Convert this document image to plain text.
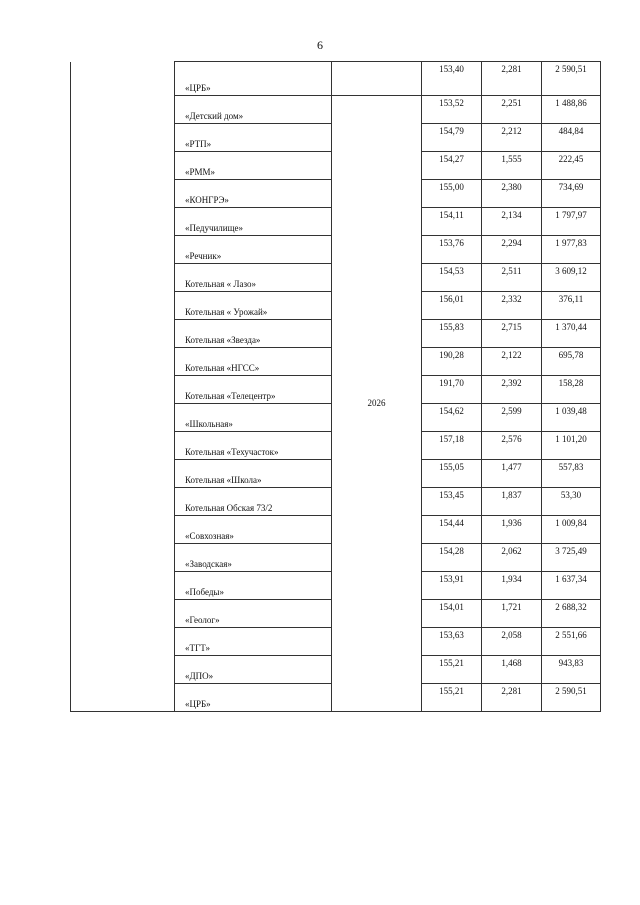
6
	«ЦРБ»		153,40	2,281	2 590,51
	«Детский дом»	2026	153,52	2,251	1 488,86
	«РТП»		154,79	2,212	484,84
	«РММ»		154,27	1,555	222,45
	«КОНГРЭ»		155,00	2,380	734,69
	«Педучилище»		154,11	2,134	1 797,97
	«Речник»		153,76	2,294	1 977,83
	Котельная « Лазо»		154,53	2,511	3 609,12
	Котельная « Урожай»		156,01	2,332	376,11
	Котельная «Звезда»		155,83	2,715	1 370,44
	Котельная «НГСС»		190,28	2,122	695,78
	Котельная «Телецентр»		191,70	2,392	158,28
	«Школьная»		154,62	2,599	1 039,48
	Котельная «Техучасток»		157,18	2,576	1 101,20
	Котельная «Школа»		155,05	1,477	557,83
	Котельная Обская 73/2		153,45	1,837	53,30
	«Совхозная»		154,44	1,936	1 009,84
	«Заводская»		154,28	2,062	3 725,49
	«Победы»		153,91	1,934	1 637,34
	«Геолог»		154,01	1,721	2 688,32
	«ТГТ»		153,63	2,058	2 551,66
	«ДПО»		155,21	1,468	943,83
	«ЦРБ»		155,21	2,281	2 590,51
